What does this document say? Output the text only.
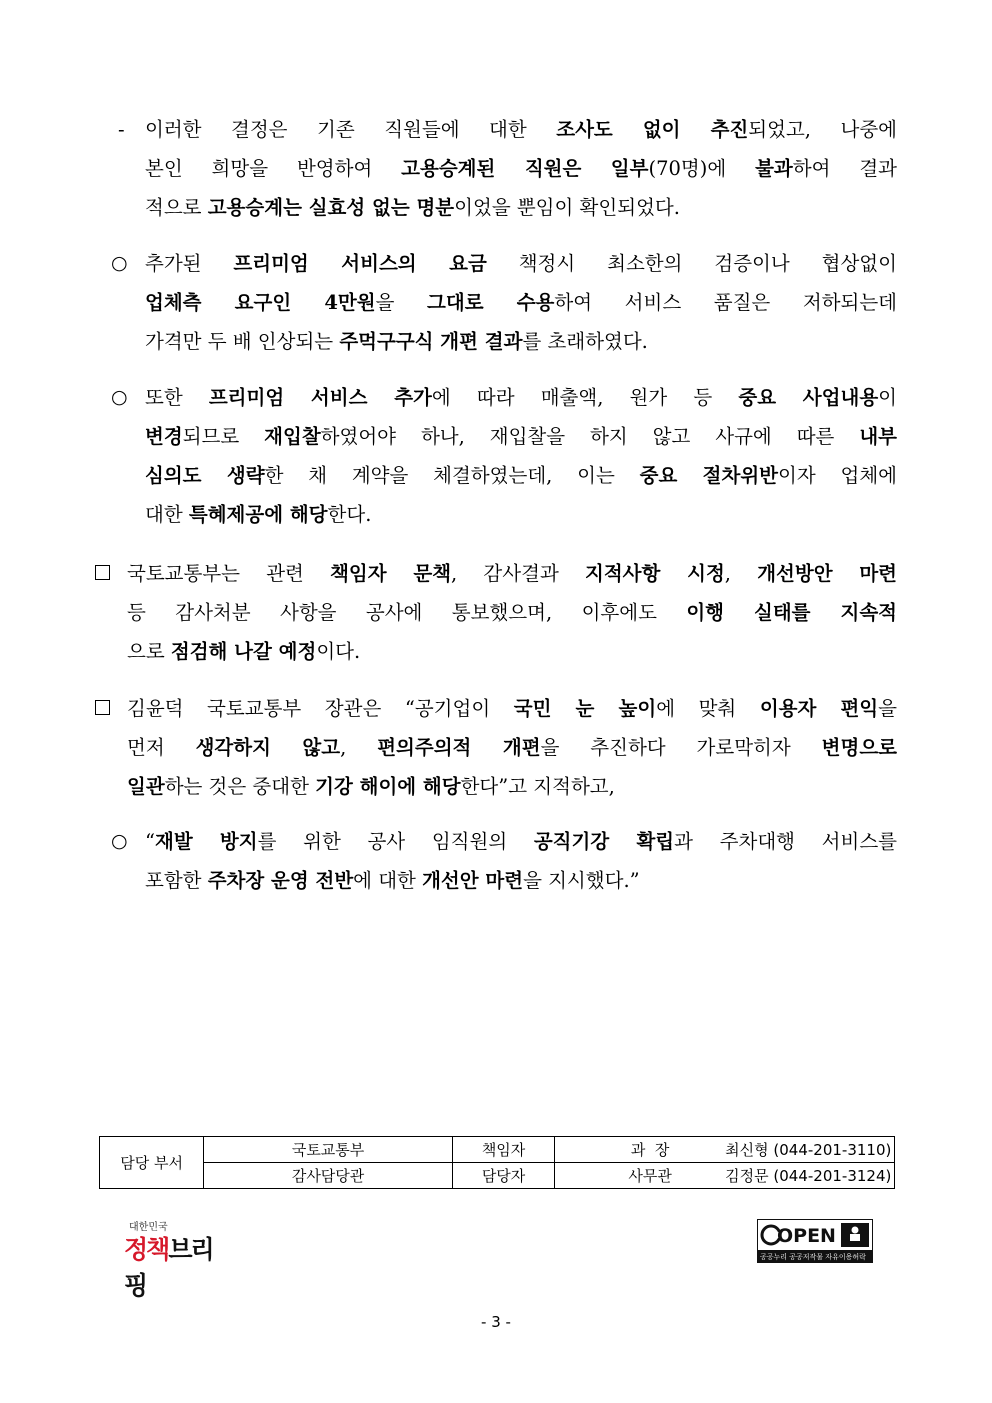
- 이러한 결정은 기존 직원들에 대한 조사도 없이 추진되었고, 나중에
본인 희망을 반영하여 고용승계된 직원은 일부(70명)에 불과하여 결과
적으로 고용승계는 실효성 없는 명분이었을 뿐임이 확인되었다.
○ 추가된 프리미엄 서비스의 요금 책정시 최소한의 검증이나 협상없이
업체측 요구인 4만원을 그대로 수용하여 서비스 품질은 저하되는데
가격만 두 배 인상되는 주먹구구식 개편 결과를 초래하였다.
○ 또한 프리미엄 서비스 추가에 따라 매출액, 원가 등 중요 사업내용이
변경되므로 재입찰하였어야 하나, 재입찰을 하지 않고 사규에 따른 내부
심의도 생략한 채 계약을 체결하였는데, 이는 중요 절차위반이자 업체에
대한 특혜제공에 해당한다.
국토교통부는 관련 책임자 문책, 감사결과 지적사항 시정, 개선방안 마련
등 감사처분 사항을 공사에 통보했으며, 이후에도 이행 실태를 지속적
으로 점검해 나갈 예정이다.
김윤덕 국토교통부 장관은 “공기업이 국민 눈 높이에 맞춰 이용자 편익을
먼저 생각하지 않고, 편의주의적 개편을 추진하다 가로막히자 변명으로
일관하는 것은 중대한 기강 해이에 해당한다”고 지적하고,
○ “재발 방지를 위한 공사 임직원의 공직기강 확립과 주차대행 서비스를
포함한 주차장 운영 전반에 대한 개선안 마련을 지시했다.”
담당 부서	국토교통부	책임자	과  장 최신형 (044-201-3110)

	감사담당관	담당자	사무관 김정문 (044-201-3124)
대한민국
정책브리핑
OPEN
공공누리 공공저작물 자유이용허락
- 3 -
